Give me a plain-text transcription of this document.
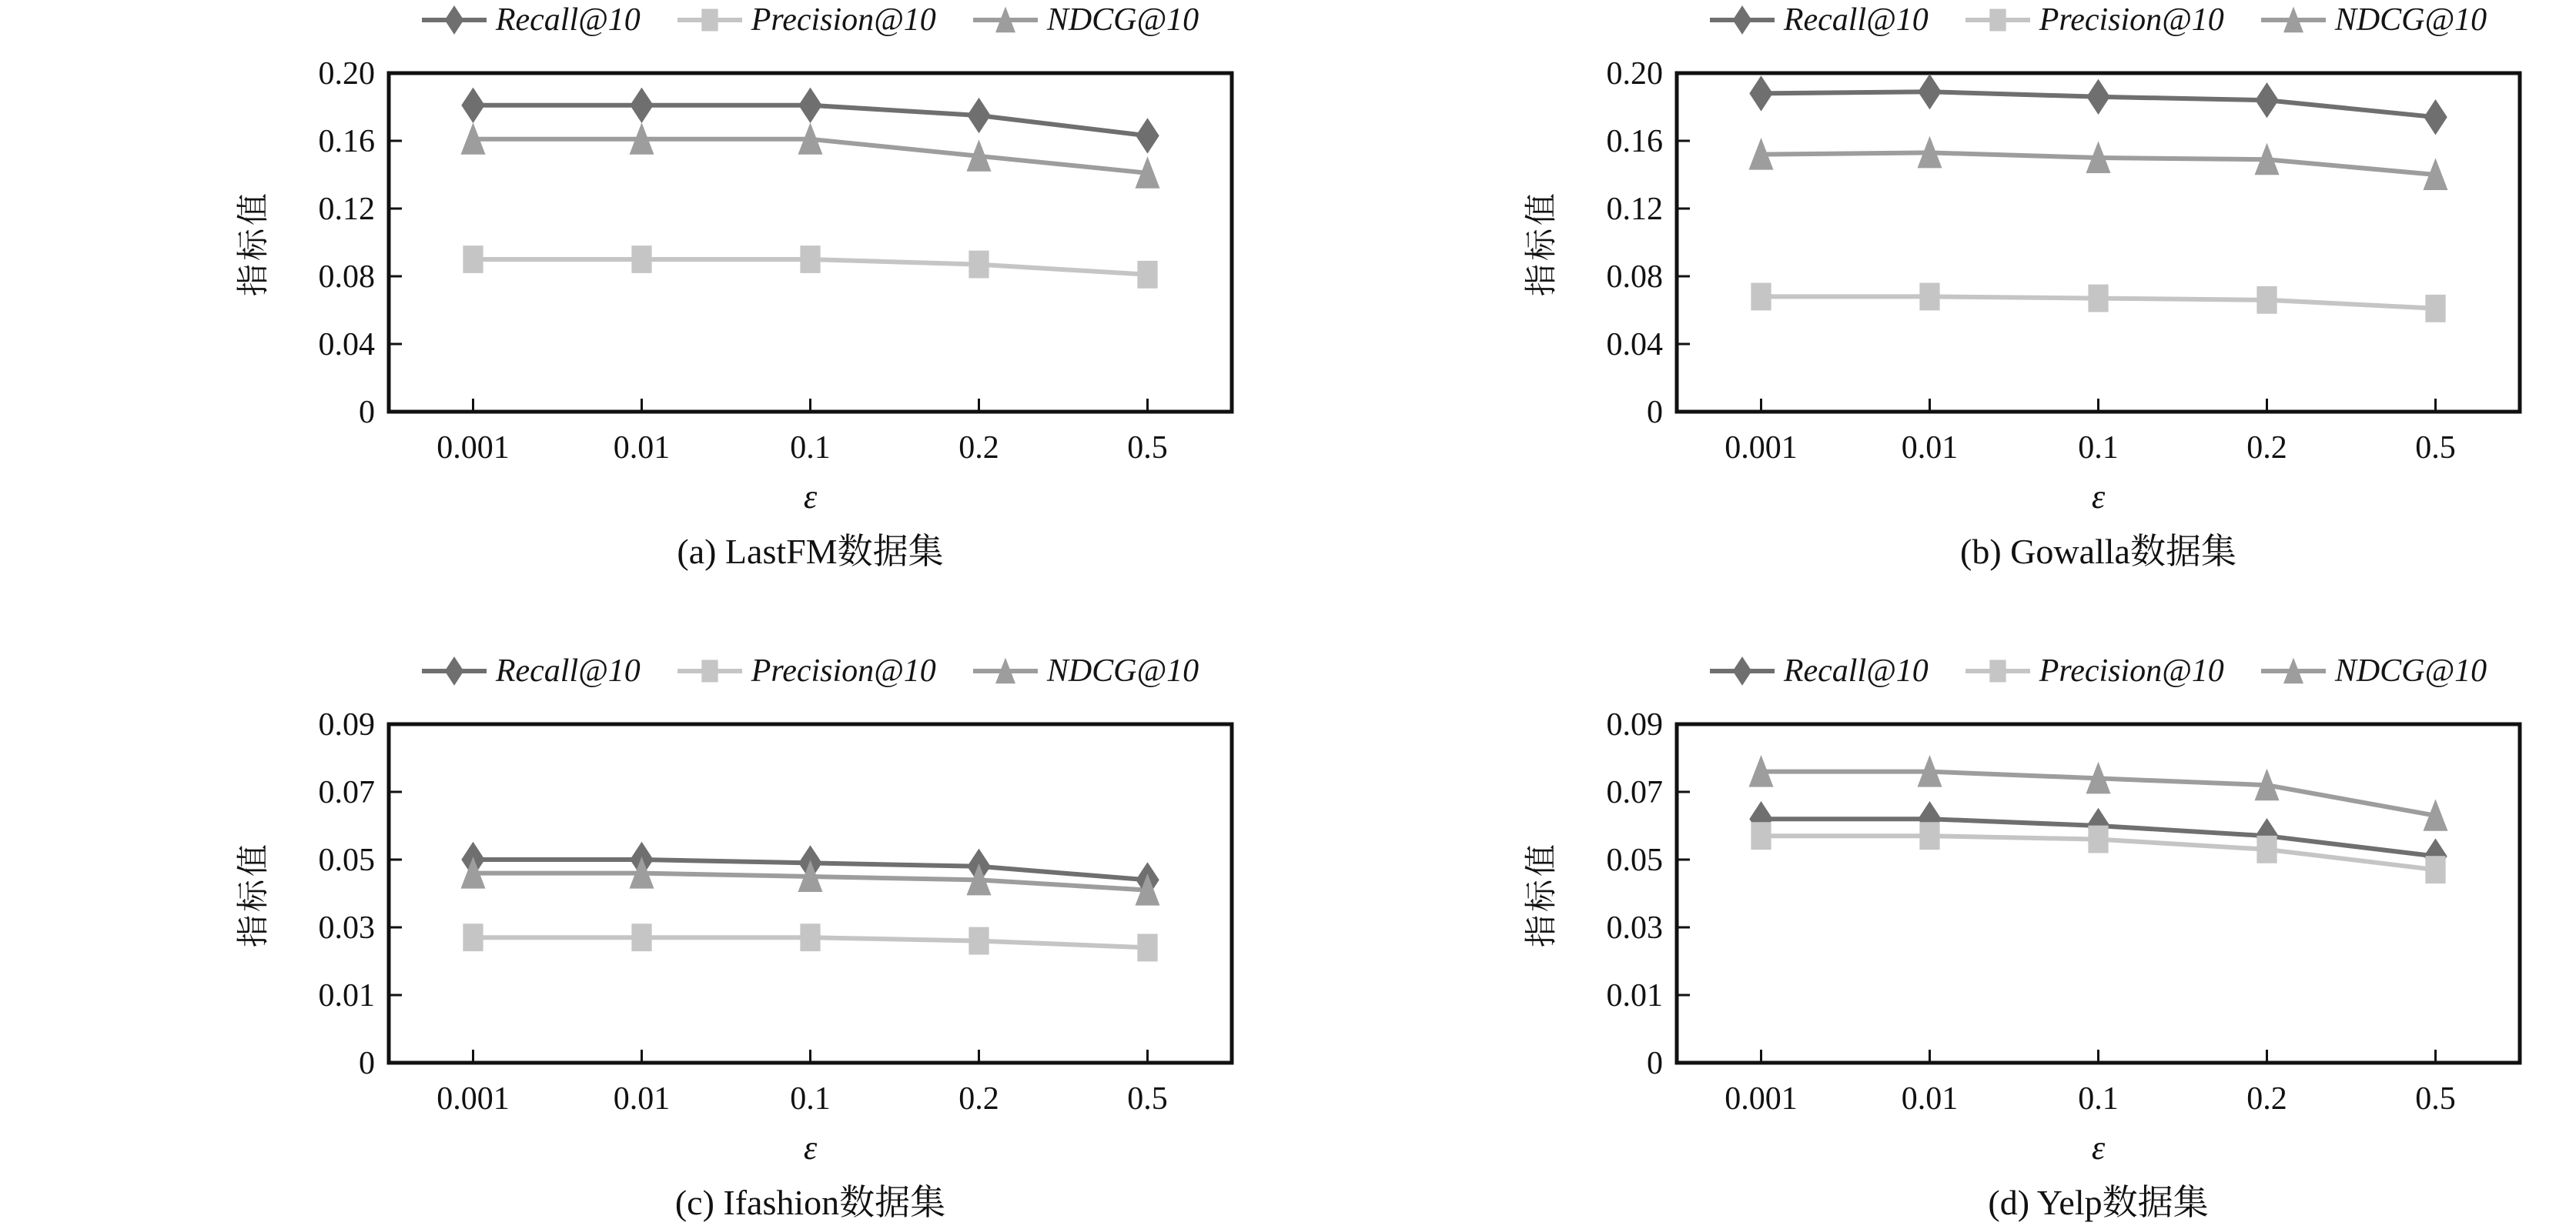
Recall@10	Precision@10	NDCG@10
指标值
0
0.04
0.08
0.12
0.16
0.20
0.001	0.01	0.1	0.2	0.5
ε
(a) LastFM数据集
Recall@10	Precision@10	NDCG@10
指标值
0
0.04
0.08
0.12
0.16
0.20
0.001	0.01	0.1	0.2	0.5
ε
(b) Gowalla数据集
Recall@10	Precision@10	NDCG@10
指标值
0
0.01
0.03
0.05
0.07
0.09
0.001	0.01	0.1	0.2	0.5
ε
(c) Ifashion数据集
Recall@10	Precision@10	NDCG@10
指标值
0
0.01
0.03
0.05
0.07
0.09
0.001	0.01	0.1	0.2	0.5
ε
(d) Yelp数据集
